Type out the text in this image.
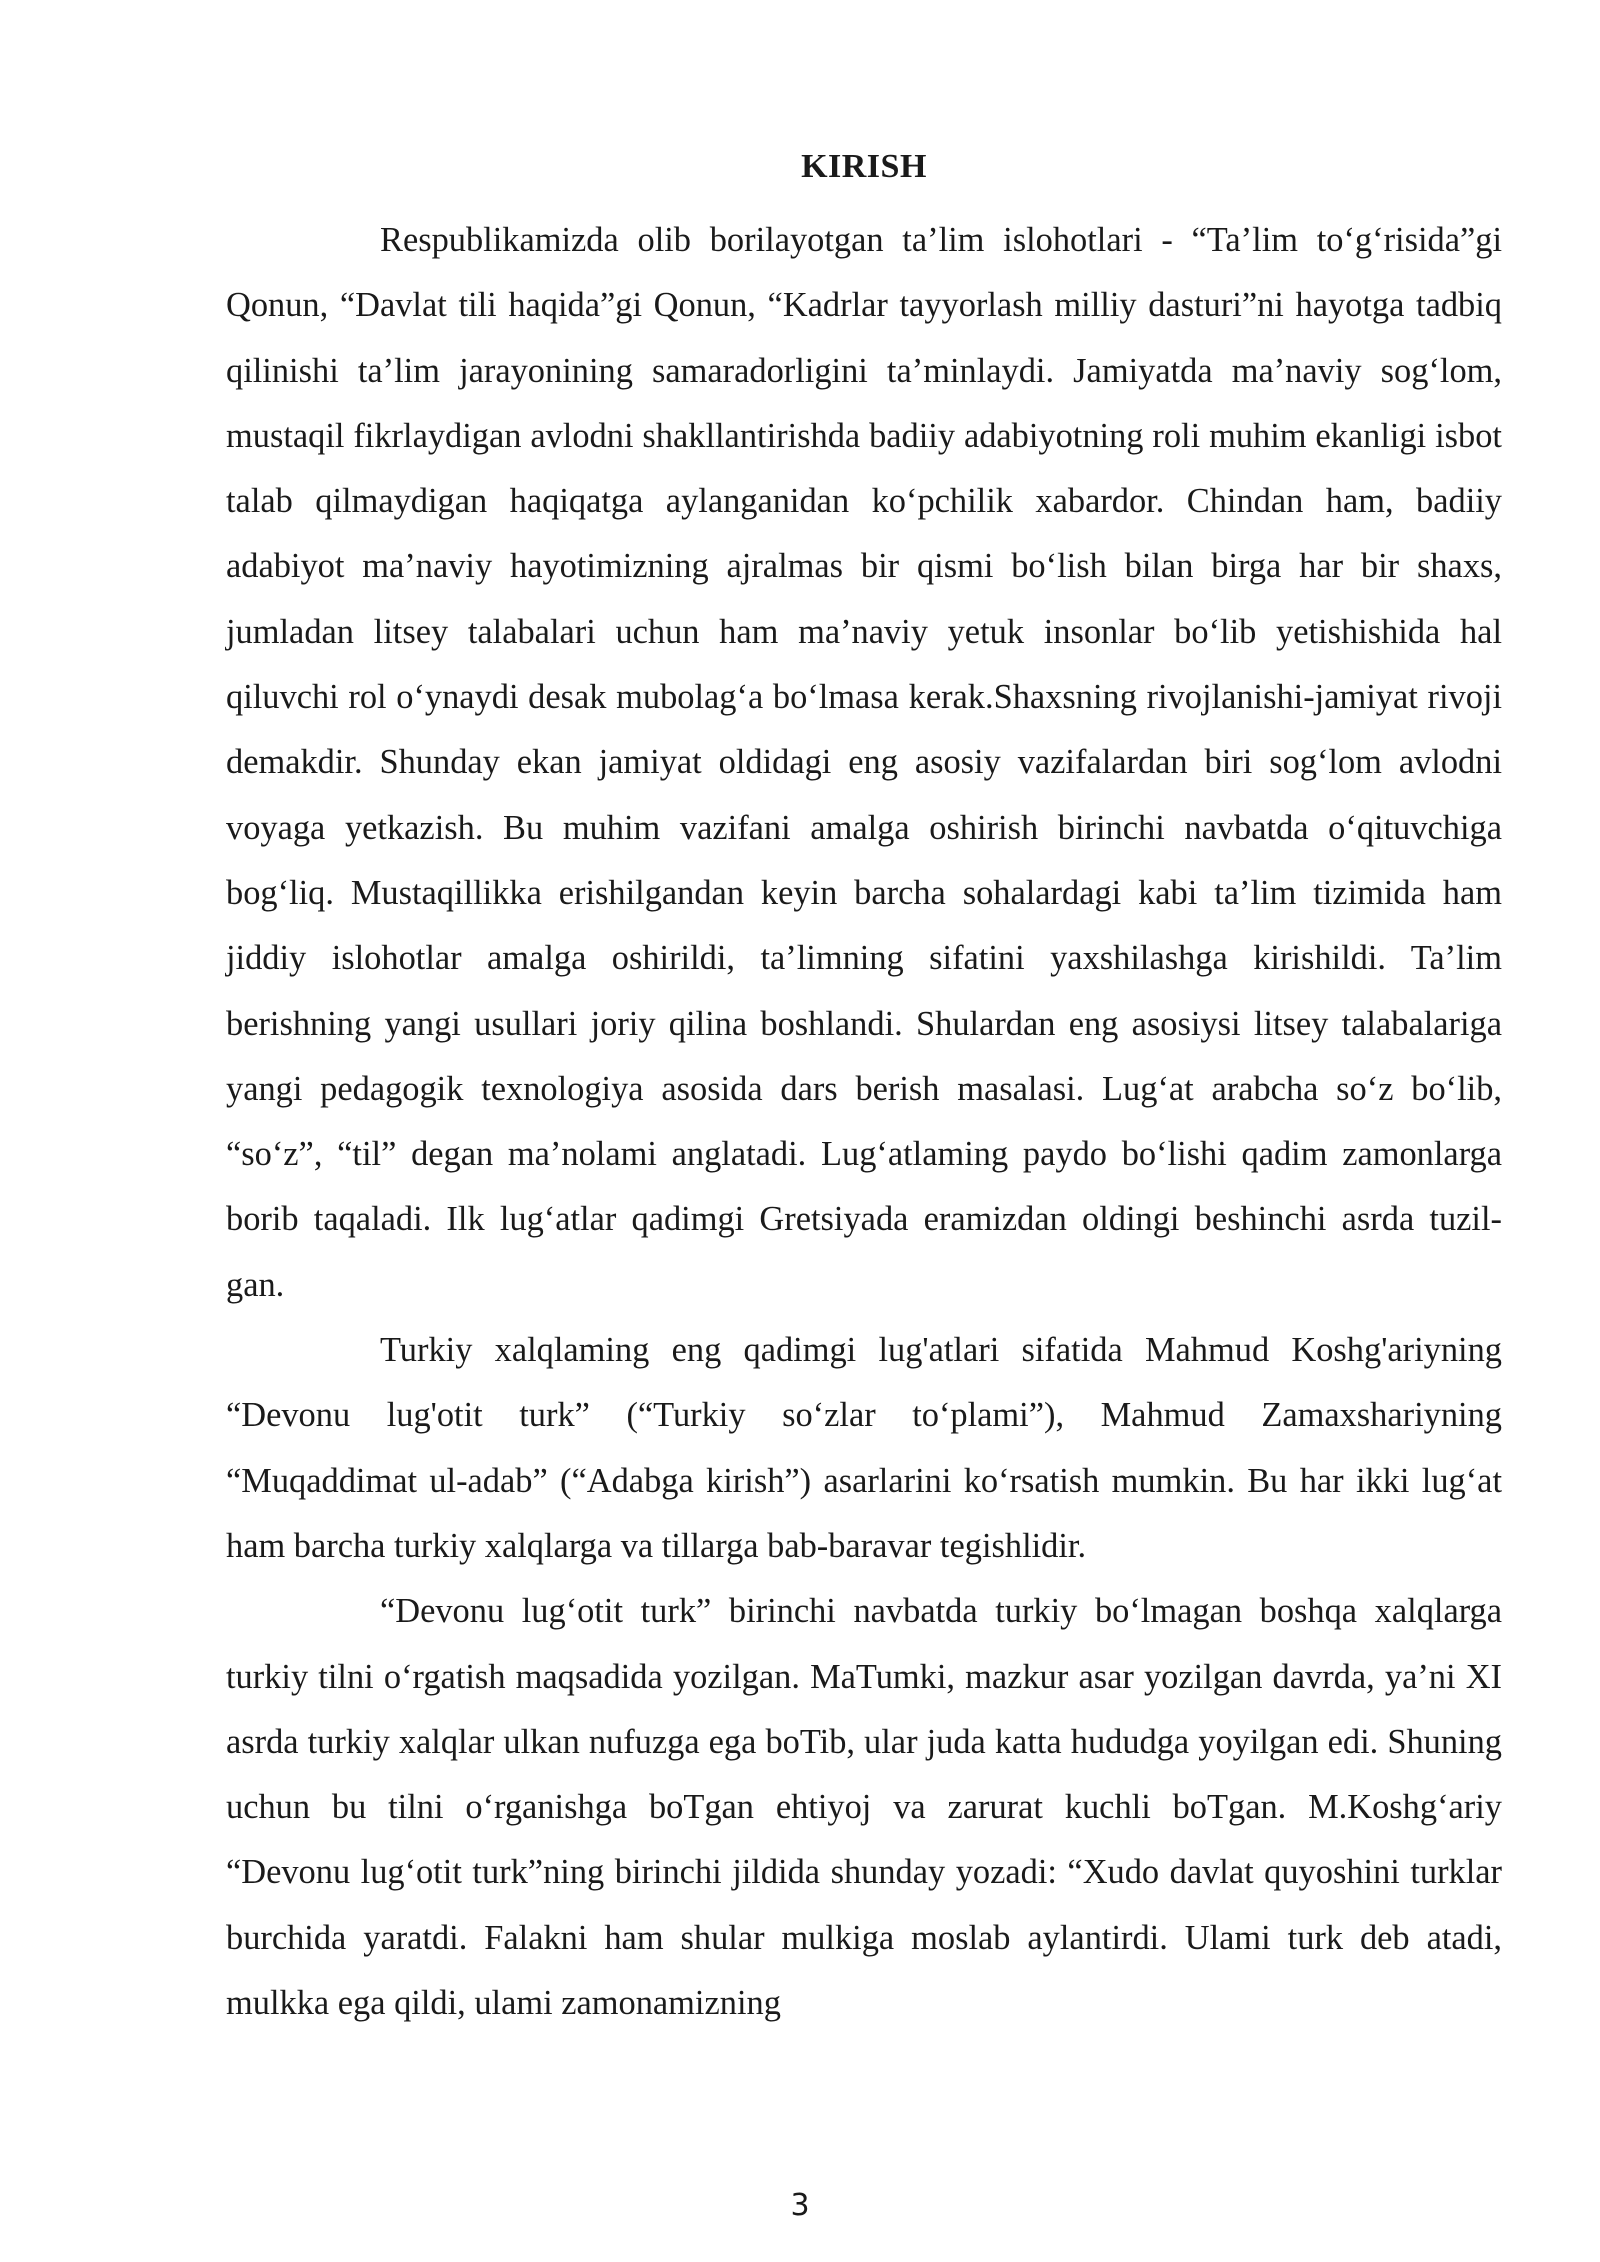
KIRISH

Respublikamizda olib borilayotgan ta’lim islohotlari - “Ta’lim to‘g‘risida”gi Qonun, “Davlat tili haqida”gi Qonun, “Kadrlar tayyorlash milliy dasturi”ni hayotga tadbiq qilinishi ta’lim jarayonining samaradorligini ta’minlaydi. Jamiyatda ma’naviy sog‘lom, mustaqil fikrlaydigan avlodni shakllantirishda badiiy adabiyotning roli muhim ekanligi isbot talab qilmaydigan haqiqatga aylanganidan ko‘pchilik xabardor. Chindan ham, badiiy adabiyot ma’naviy hayotimizning ajralmas bir qismi bo‘lish bilan birga har bir shaxs, jumladan litsey talabalari uchun ham ma’naviy yetuk insonlar bo‘lib yetishishida hal qiluvchi rol o‘ynaydi desak mubolag‘a bo‘lmasa kerak.Shaxsning rivojlanishi-jamiyat rivoji demakdir. Shunday ekan jamiyat oldidagi eng asosiy vazifalardan biri sog‘lom avlodni voyaga yetkazish. Bu muhim vazifani amalga oshirish birinchi navbatda o‘qituvchiga bog‘liq. Mustaqillikka erishilgandan keyin barcha sohalardagi kabi ta’lim tizimida ham jiddiy islohotlar amalga oshirildi, ta’limning sifatini yaxshilashga kirishildi. Ta’lim berishning yangi usullari joriy qilina boshlandi. Shulardan eng asosiysi litsey talabalariga yangi pedagogik texnologiya asosida dars berish masalasi. Lug‘at arabcha so‘z bo‘lib, “so‘z”, “til” degan ma’nolami anglatadi. Lug‘atlaming paydo bo‘lishi qadim zamonlarga borib taqaladi. Ilk lug‘atlar qadimgi Gretsiyada eramizdan oldingi beshinchi asrda tuzil- gan.

Turkiy xalqlaming eng qadimgi lug'atlari sifatida Mahmud Koshg'ariyning “Devonu lug'otit turk” (“Turkiy so‘zlar to‘plami”), Mahmud Zamaxshariyning “Muqaddimat ul-adab” (“Adabga kirish”) asarlarini ko‘rsatish mumkin. Bu har ikki lug‘at ham barcha turkiy xalqlarga va tillarga bab-baravar tegishlidir.

“Devonu lug‘otit turk” birinchi navbatda turkiy bo‘lmagan boshqa xalqlarga turkiy tilni o‘rgatish maqsadida yozilgan. MaTumki, mazkur asar yozilgan davrda, ya’ni XI asrda turkiy xalqlar ulkan nufuzga ega boTib, ular juda katta hududga yoyilgan edi. Shuning uchun bu tilni o‘rganishga boTgan ehtiyoj va zarurat kuchli boTgan. M.Koshg‘ariy “Devonu lug‘otit turk”ning birinchi jildida shunday yozadi: “Xudo davlat quyoshini turklar burchida yaratdi. Falakni ham shular mulkiga moslab aylantirdi. Ulami turk deb atadi, mulkka ega qildi, ulami zamonamizning

3
